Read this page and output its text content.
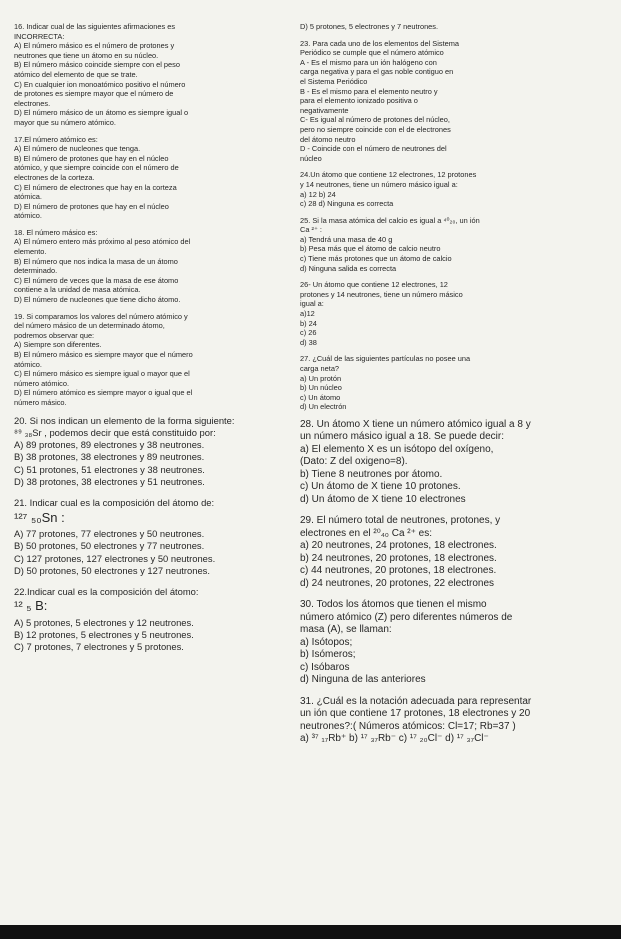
16. Indicar cual de las siguientes afirmaciones es
INCORRECTA:
A) El número másico es el número de protones y
neutrones que tiene un átomo en su núcleo.
B) El número másico coincide siempre con el peso
atómico del elemento de que se trate.
C) En cualquier ion monoatómico positivo el número
de protones es siempre mayor que el número de
electrones.
D) El número másico de un átomo es siempre igual o
mayor que su número atómico.
17.El número atómico es:
A) El número de nucleones que tenga.
B) El número de protones que hay en el núcleo
atómico, y que siempre coincide con el número de
electrones de la corteza.
C) El número de electrones que hay en la corteza
atómica.
D) El número de protones que hay en el núcleo
atómico.
18. El número másico es:
A) El número entero más próximo al peso atómico del
elemento.
B) El número que nos indica la masa de un átomo
determinado.
C) El número de veces que la masa de ese átomo
contiene a la unidad de masa atómica.
D) El número de nucleones que tiene dicho átomo.
19. Si comparamos los valores del número atómico y
del número másico de un determinado átomo,
podremos observar que:
A) Siempre son diferentes.
B) El número másico es siempre mayor que el número
atómico.
C) El número másico es siempre igual o mayor que el
número atómico.
D) El número atómico es siempre mayor o igual que el
número másico.
20. Si nos indican un elemento de la forma siguiente:
⁸⁹ ₃₈Sr , podemos decir que está constituido por:
A) 89 protones, 89 electrones y 38 neutrones.
B) 38 protones, 38 electrones y 89 neutrones.
C) 51 protones, 51 electrones y 38 neutrones.
D) 38 protones, 38 electrones y 51 neutrones.
21. Indicar cual es la composición del átomo de:
¹²⁷ ₅₀Sn :
A) 77 protones, 77 electrones y 50 neutrones.
B) 50 protones, 50 electrones y 77 neutrones.
C) 127 protones, 127 electrones y 50 neutrones.
D) 50 protones, 50 electrones y 127 neutrones.
22.Indicar cual es la composición del átomo:
¹² ₅ B:
A) 5 protones, 5 electrones y 12 neutrones.
B) 12 protones, 5 electrones y 5 neutrones.
C) 7 protones, 7 electrones y 5 protones.
D) 5 protones, 5 electrones y 7 neutrones.
23. Para cada uno de los elementos del Sistema
Periódico se cumple que el número atómico
A - Es el mismo para un ión halógeno con
carga negativa y para el gas noble contiguo en
el Sistema Periódico
B - Es el mismo para el elemento neutro y
para el elemento ionizado positiva o
negativamente
C- Es igual al número de protones del núcleo,
pero no siempre coincide con el de electrones
del átomo neutro
D - Coincide con el número de neutrones del
núcleo
24.Un átomo que contiene 12 electrones, 12 protones
y 14 neutrones, tiene un número másico igual a:
a) 12 b) 24
c) 28 d) Ninguna es correcta
25. Si la masa atómica del calcio es igual a ⁴⁰₂₀, un ión
Ca ²⁺ :
a) Tendrá una masa de 40 g
b) Pesa más que el átomo de calcio neutro
c) Tiene más protones que un átomo de calcio
d) Ninguna salida es correcta
26- Un átomo que contiene 12 electrones, 12
protones y 14 neutrones, tiene un número másico
igual a:
a)12
b) 24
c) 26
d) 38
27. ¿Cuál de las siguientes partículas no posee una
carga neta?
a) Un protón
b) Un núcleo
c) Un átomo
d) Un electrón
28. Un átomo X tiene un número atómico igual a 8 y
un número másico igual a 18. Se puede decir:
a) El elemento X es un isótopo del oxígeno,
(Dato: Z del oxigeno=8).
b) Tiene 8 neutrones por átomo.
c) Un átomo de X tiene 10 protones.
d) Un átomo de X tiene 10 electrones
29. El número total de neutrones, protones, y
electrones en el ²⁰₄₀ Ca ²⁺ es:
a) 20 neutrones, 24 protones, 18 electrones.
b) 24 neutrones, 20 protones, 18 electrones.
c) 44 neutrones, 20 protones, 18 electrones.
d) 24 neutrones, 20 protones, 22 electrones
30. Todos los átomos que tienen el mismo
número atómico (Z) pero diferentes números de
masa (A), se llaman:
a) Isótopos;
b) Isómeros;
c) Isóbaros
d) Ninguna de las anteriores
31. ¿Cuál es la notación adecuada para representar
un ión que contiene 17 protones, 18 electrones y 20
neutrones?:( Números atómicos: Cl=17; Rb=37 )
a) ³⁷ ₁₇Rb⁺ b) ¹⁷ ₃₇Rb⁻ c) ¹⁷ ₂₀Cl⁻ d) ¹⁷ ₃₇Cl⁻
